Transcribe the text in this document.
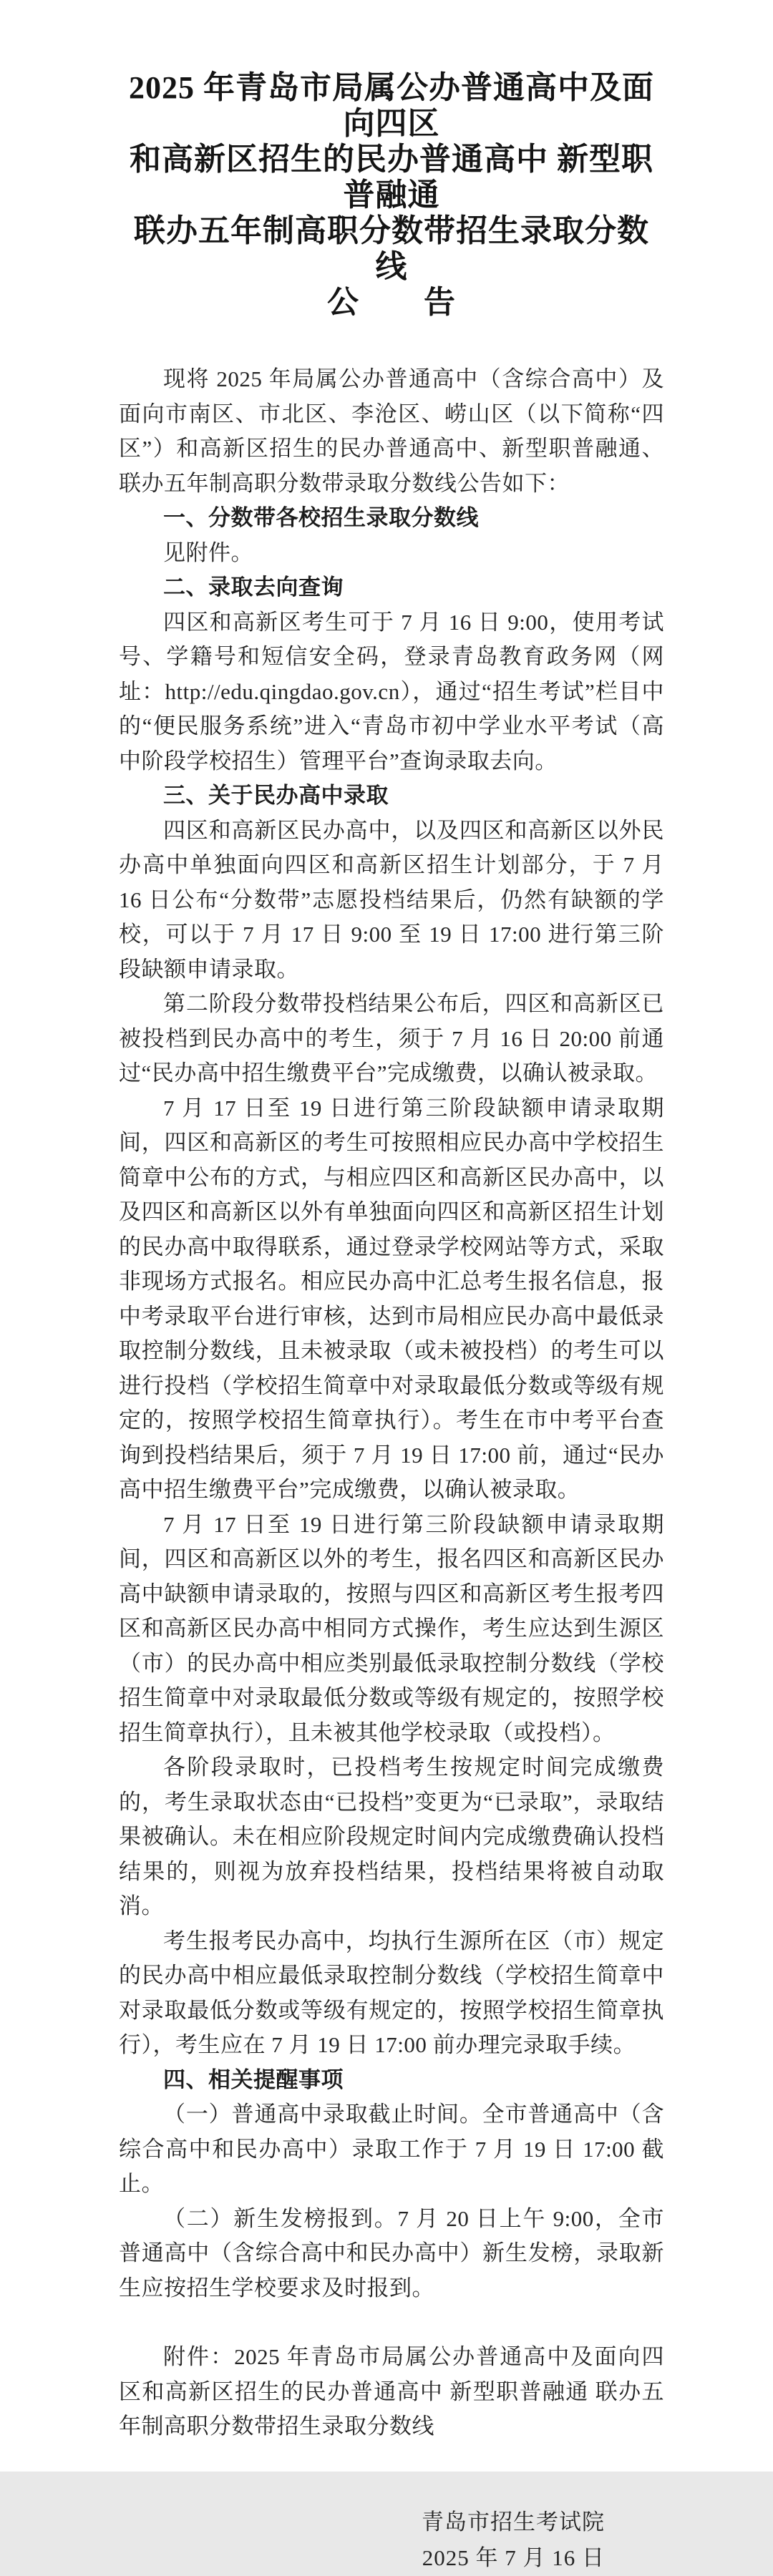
2025 年青岛市局属公办普通高中及面向四区
和高新区招生的民办普通高中 新型职普融通
联办五年制高职分数带招生录取分数线
公　　告

现将 2025 年局属公办普通高中（含综合高中）及面向市南区、市北区、李沧区、崂山区（以下简称“四区”）和高新区招生的民办普通高中、新型职普融通、联办五年制高职分数带录取分数线公告如下：

一、分数带各校招生录取分数线

见附件。

二、录取去向查询

四区和高新区考生可于 7 月 16 日 9:00，使用考试号、学籍号和短信安全码，登录青岛教育政务网（网址：http://edu.qingdao.gov.cn），通过“招生考试”栏目中的“便民服务系统”进入“青岛市初中学业水平考试（高中阶段学校招生）管理平台”查询录取去向。

三、关于民办高中录取

四区和高新区民办高中，以及四区和高新区以外民办高中单独面向四区和高新区招生计划部分，于 7 月 16 日公布“分数带”志愿投档结果后，仍然有缺额的学校，可以于 7 月 17 日 9:00 至 19 日 17:00 进行第三阶段缺额申请录取。

第二阶段分数带投档结果公布后，四区和高新区已被投档到民办高中的考生，须于 7 月 16 日 20:00 前通过“民办高中招生缴费平台”完成缴费，以确认被录取。

7 月 17 日至 19 日进行第三阶段缺额申请录取期间，四区和高新区的考生可按照相应民办高中学校招生简章中公布的方式，与相应四区和高新区民办高中，以及四区和高新区以外有单独面向四区和高新区招生计划的民办高中取得联系，通过登录学校网站等方式，采取非现场方式报名。相应民办高中汇总考生报名信息，报中考录取平台进行审核，达到市局相应民办高中最低录取控制分数线，且未被录取（或未被投档）的考生可以进行投档（学校招生简章中对录取最低分数或等级有规定的，按照学校招生简章执行）。考生在市中考平台查询到投档结果后，须于 7 月 19 日 17:00 前，通过“民办高中招生缴费平台”完成缴费，以确认被录取。

7 月 17 日至 19 日进行第三阶段缺额申请录取期间，四区和高新区以外的考生，报名四区和高新区民办高中缺额申请录取的，按照与四区和高新区考生报考四区和高新区民办高中相同方式操作，考生应达到生源区（市）的民办高中相应类别最低录取控制分数线（学校招生简章中对录取最低分数或等级有规定的，按照学校招生简章执行），且未被其他学校录取（或投档）。

各阶段录取时，已投档考生按规定时间完成缴费的，考生录取状态由“已投档”变更为“已录取”，录取结果被确认。未在相应阶段规定时间内完成缴费确认投档结果的，则视为放弃投档结果，投档结果将被自动取消。

考生报考民办高中，均执行生源所在区（市）规定的民办高中相应最低录取控制分数线（学校招生简章中对录取最低分数或等级有规定的，按照学校招生简章执行），考生应在 7 月 19 日 17:00 前办理完录取手续。

四、相关提醒事项

（一）普通高中录取截止时间。全市普通高中（含综合高中和民办高中）录取工作于 7 月 19 日 17:00 截止。

（二）新生发榜报到。7 月 20 日上午 9:00，全市普通高中（含综合高中和民办高中）新生发榜，录取新生应按招生学校要求及时报到。

附件：2025 年青岛市局属公办普通高中及面向四区和高新区招生的民办普通高中 新型职普融通 联办五年制高职分数带招生录取分数线

青岛市招生考试院
2025 年 7 月 16 日
